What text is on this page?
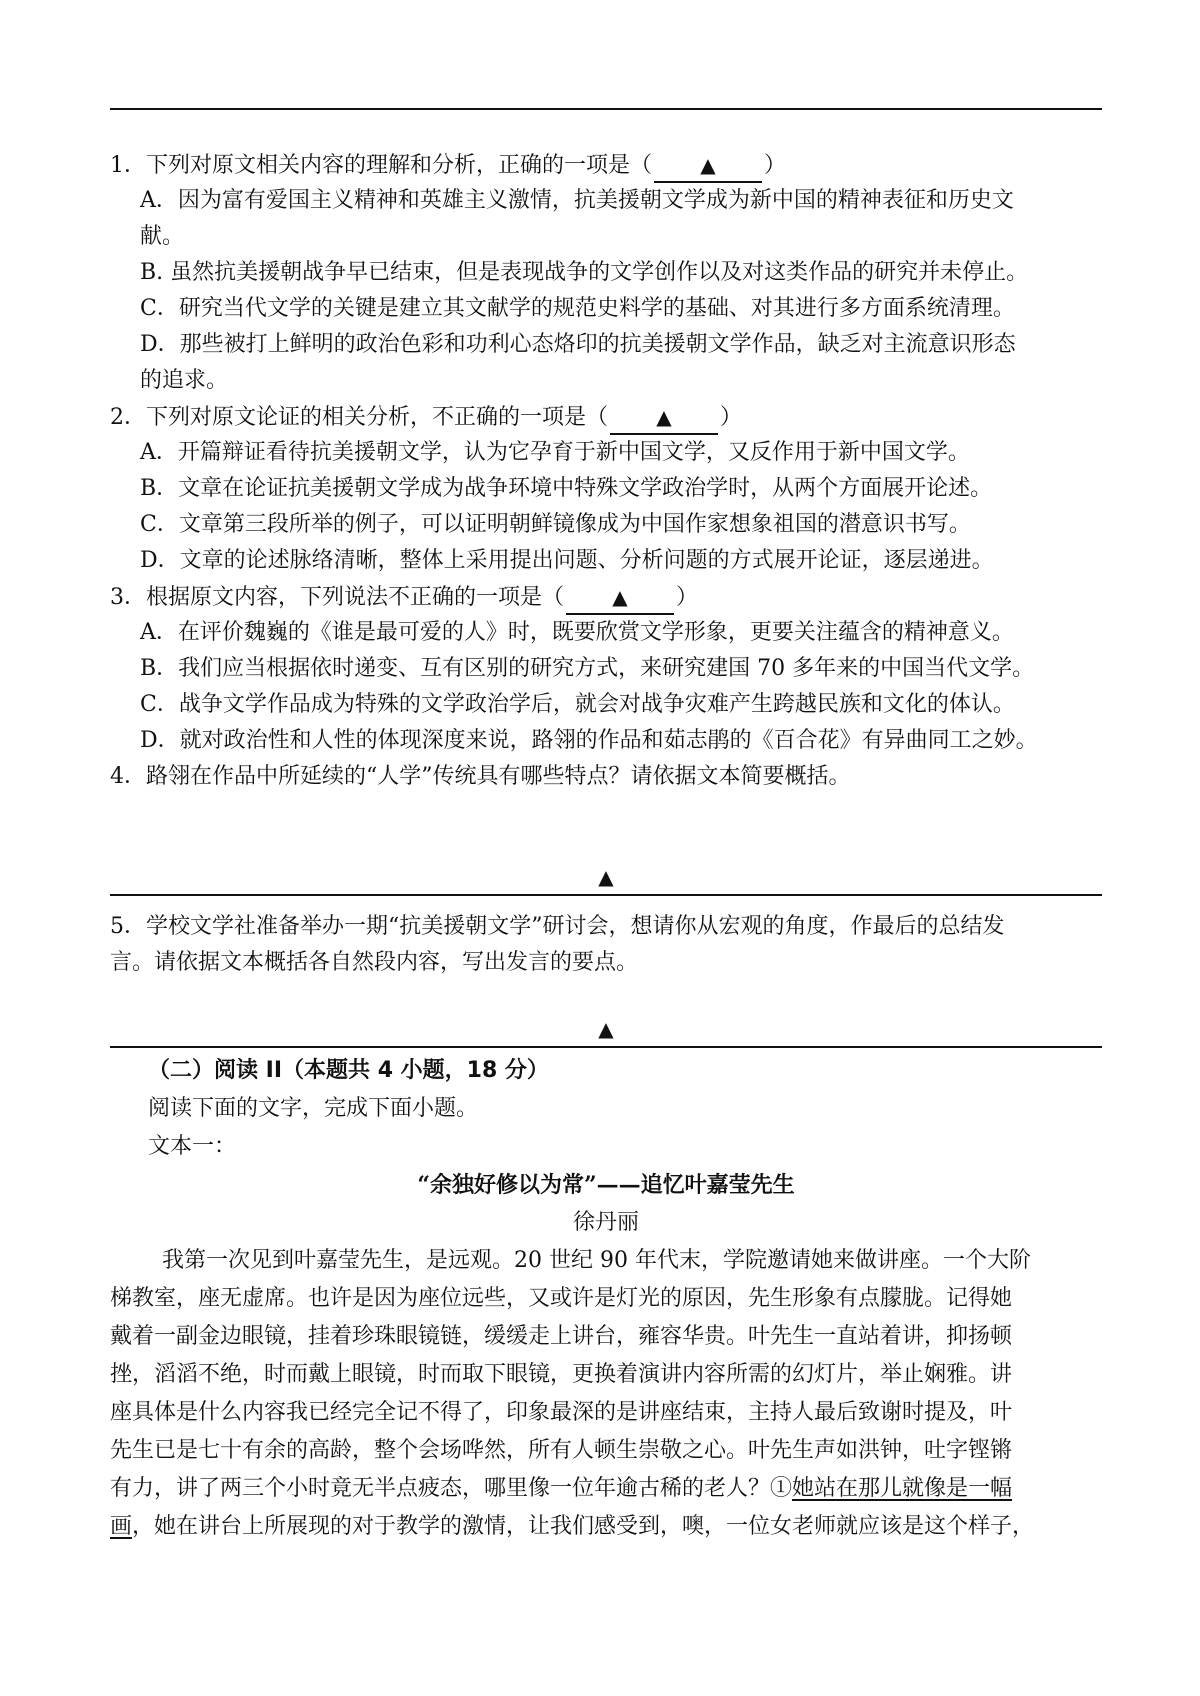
1．下列对原文相关内容的理解和分析，正确的一项是（ ▲ ）
A．因为富有爱国主义精神和英雄主义激情，抗美援朝文学成为新中国的精神表征和历史文
献。
B. 虽然抗美援朝战争早已结束，但是表现战争的文学创作以及对这类作品的研究并未停止。
C．研究当代文学的关键是建立其文献学的规范史料学的基础、对其进行多方面系统清理。
D．那些被打上鲜明的政治色彩和功利心态烙印的抗美援朝文学作品，缺乏对主流意识形态
的追求。
2．下列对原文论证的相关分析，不正确的一项是（ ▲ ）
A．开篇辩证看待抗美援朝文学，认为它孕育于新中国文学，又反作用于新中国文学。
B．文章在论证抗美援朝文学成为战争环境中特殊文学政治学时，从两个方面展开论述。
C．文章第三段所举的例子，可以证明朝鲜镜像成为中国作家想象祖国的潜意识书写。
D．文章的论述脉络清晰，整体上采用提出问题、分析问题的方式展开论证，逐层递进。
3．根据原文内容，下列说法不正确的一项是（ ▲ ）
A．在评价魏巍的《谁是最可爱的人》时，既要欣赏文学形象，更要关注蕴含的精神意义。
B．我们应当根据依时递变、互有区别的研究方式，来研究建国 70 多年来的中国当代文学。
C．战争文学作品成为特殊的文学政治学后，就会对战争灾难产生跨越民族和文化的体认。
D．就对政治性和人性的体现深度来说，路翎的作品和茹志鹃的《百合花》有异曲同工之妙。
4．路翎在作品中所延续的“人学”传统具有哪些特点？请依据文本简要概括。
▲
5．学校文学社准备举办一期“抗美援朝文学”研讨会，想请你从宏观的角度，作最后的总结发
言。请依据文本概括各自然段内容，写出发言的要点。
▲
（二）阅读 II（本题共 4 小题，18 分）
阅读下面的文字，完成下面小题。
文本一：
“余独好修以为常”——追忆叶嘉莹先生
徐丹丽
我第一次见到叶嘉莹先生，是远观。20 世纪 90 年代末，学院邀请她来做讲座。一个大阶
梯教室，座无虚席。也许是因为座位远些，又或许是灯光的原因，先生形象有点朦胧。记得她
戴着一副金边眼镜，挂着珍珠眼镜链，缓缓走上讲台，雍容华贵。叶先生一直站着讲，抑扬顿
挫，滔滔不绝，时而戴上眼镜，时而取下眼镜，更换着演讲内容所需的幻灯片，举止娴雅。讲
座具体是什么内容我已经完全记不得了，印象最深的是讲座结束，主持人最后致谢时提及，叶
先生已是七十有余的高龄，整个会场哗然，所有人顿生崇敬之心。叶先生声如洪钟，吐字铿锵
有力，讲了两三个小时竟无半点疲态，哪里像一位年逾古稀的老人？①她站在那儿就像是一幅
画，她在讲台上所展现的对于教学的激情，让我们感受到，噢，一位女老师就应该是这个样子，
